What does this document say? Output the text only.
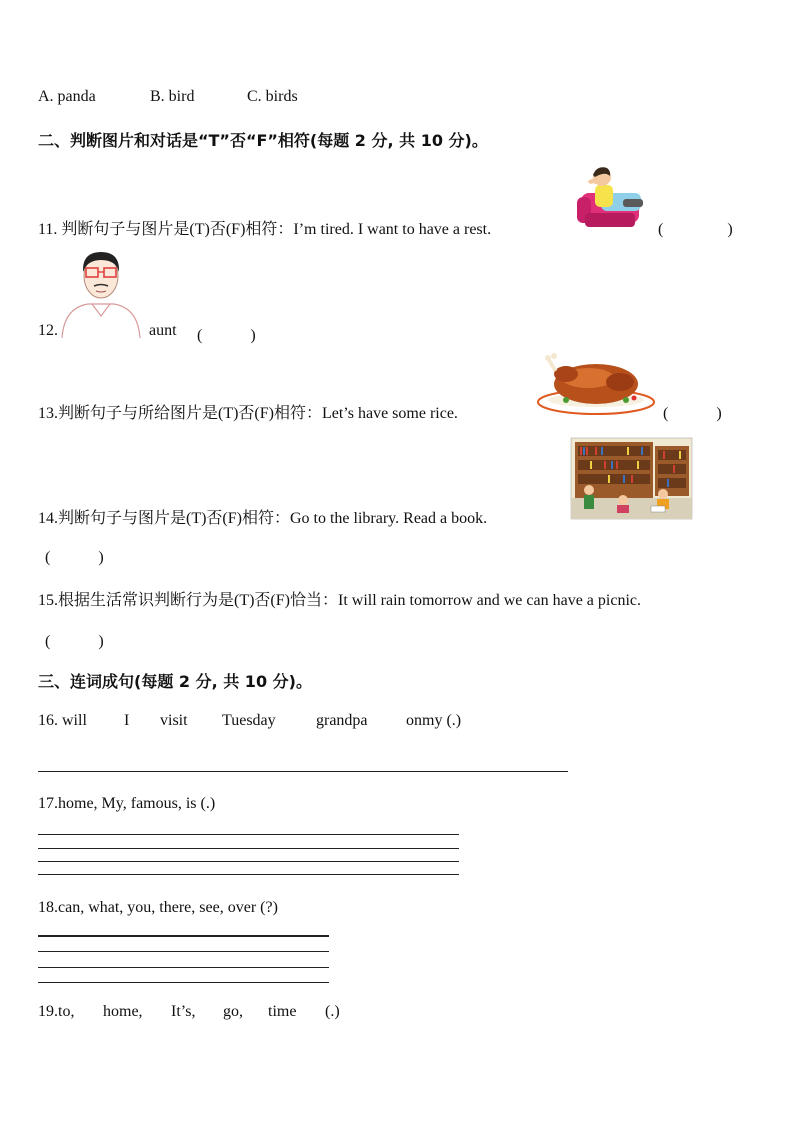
A. panda	B. bird	C. birds
二、判断图片和对话是“T”否“F”相符(每题 2 分, 共 10 分)。
11. 判断句子与图片是(T)否(F)相符：I’m tired. I want to have a rest.	(　　　　)
12.	aunt (　　　)
13.判断句子与所给图片是(T)否(F)相符：Let’s have some rice.	(　　　)
14.判断句子与图片是(T)否(F)相符：Go to the library. Read a book.
(　　　)
15.根据生活常识判断行为是(T)否(F)恰当：It will rain tomorrow and we can have a picnic.
(　　　)
三、连词成句(每题 2 分, 共 10 分)。
16. will I visit Tuesday	grandpa onmy (.)
17.home, My, famous, is (.)
18.can, what, you, there, see, over (?)
19.to, home, It’s, go, time (.)
